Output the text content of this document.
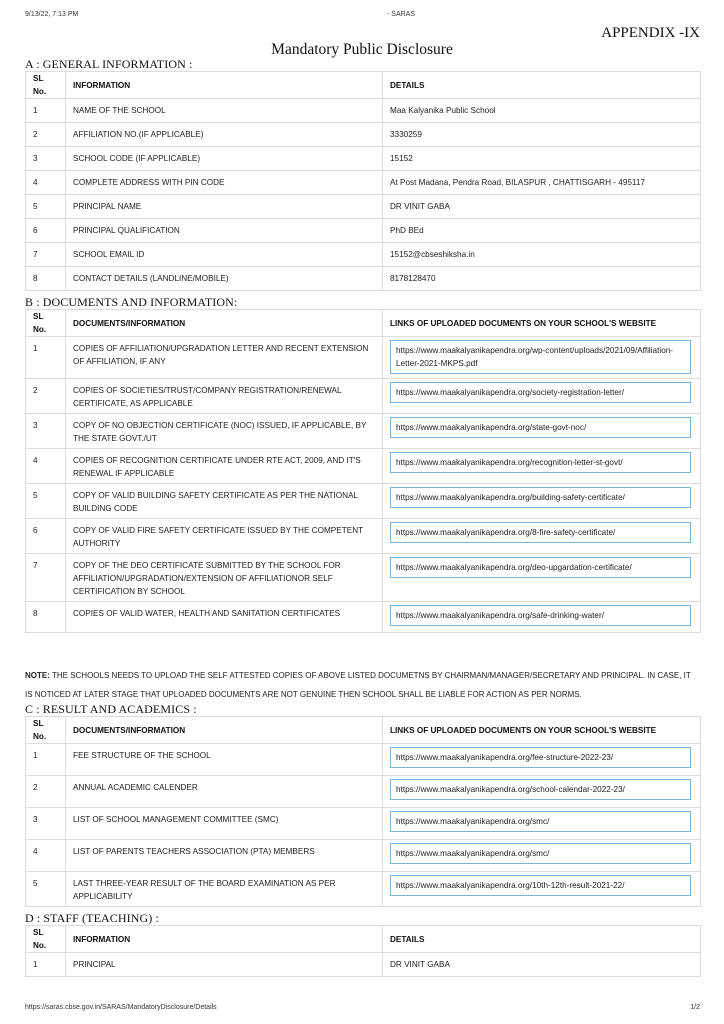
9/13/22, 7:13 PM	- SARAS
APPENDIX -IX
Mandatory Public Disclosure
A : GENERAL INFORMATION :
SL No.	INFORMATION	DETAILS
1	NAME OF THE SCHOOL	Maa Kalyanika Public School
2	AFFILIATION NO.(IF APPLICABLE)	3330259
3	SCHOOL CODE (IF APPLICABLE)	15152
4	COMPLETE ADDRESS WITH PIN CODE	At Post Madana, Pendra Road, BILASPUR , CHATTISGARH - 495117
5	PRINCIPAL NAME	DR VINIT GABA
6	PRINCIPAL QUALIFICATION	PhD BEd
7	SCHOOL EMAIL ID	15152@cbseshiksha.in
8	CONTACT DETAILS (LANDLINE/MOBILE)	8178128470
B : DOCUMENTS AND INFORMATION:
SL No.	DOCUMENTS/INFORMATION	LINKS OF UPLOADED DOCUMENTS ON YOUR SCHOOL'S WEBSITE

1	COPIES OF AFFILIATION/UPGRADATION LETTER AND RECENT EXTENSION OF AFFILIATION, IF ANY	https://www.maakalyanikapendra.org/wp-content/uploads/2021/09/Affiliation-Letter-2021-MKPS.pdf

2	COPIES OF SOCIETIES/TRUST/COMPANY REGISTRATION/RENEWAL CERTIFICATE, AS APPLICABLE	https://www.maakalyanikapendra.org/society-registration-letter/

3	COPY OF NO OBJECTION CERTIFICATE (NOC) ISSUED, IF APPLICABLE, BY THE STATE GOVT./UT	https://www.maakalyanikapendra.org/state-govt-noc/

4	COPIES OF RECOGNITION CERTIFICATE UNDER RTE ACT, 2009, AND IT'S RENEWAL IF APPLICABLE	https://www.maakalyanikapendra.org/recognition-letter-st-govt/

5	COPY OF VALID BUILDING SAFETY CERTIFICATE AS PER THE NATIONAL BUILDING CODE	https://www.maakalyanikapendra.org/building-safety-certificate/

6	COPY OF VALID FIRE SAFETY CERTIFICATE ISSUED BY THE COMPETENT AUTHORITY	https://www.maakalyanikapendra.org/8-fire-safety-certificate/

7	COPY OF THE DEO CERTIFICATE SUBMITTED BY THE SCHOOL FOR AFFILIATION/UPGRADATION/EXTENSION OF AFFILIATIONOR SELF CERTIFICATION BY SCHOOL	https://www.maakalyanikapendra.org/deo-upgardation-certificate/

8	COPIES OF VALID WATER, HEALTH AND SANITATION CERTIFICATES	https://www.maakalyanikapendra.org/safe-drinking-water/
NOTE: THE SCHOOLS NEEDS TO UPLOAD THE SELF ATTESTED COPIES OF ABOVE LISTED DOCUMETNS BY CHAIRMAN/MANAGER/SECRETARY AND PRINCIPAL. IN CASE, IT IS NOTICED AT LATER STAGE THAT UPLOADED DOCUMENTS ARE NOT GENUINE THEN SCHOOL SHALL BE LIABLE FOR ACTION AS PER NORMS.
C : RESULT AND ACADEMICS :
SL No.	DOCUMENTS/INFORMATION	LINKS OF UPLOADED DOCUMENTS ON YOUR SCHOOL'S WEBSITE

1	FEE STRUCTURE OF THE SCHOOL	https://www.maakalyanikapendra.org/fee-structure-2022-23/

2	ANNUAL ACADEMIC CALENDER	https://www.maakalyanikapendra.org/school-calendar-2022-23/

3	LIST OF SCHOOL MANAGEMENT COMMITTEE (SMC)	https://www.maakalyanikapendra.org/smc/

4	LIST OF PARENTS TEACHERS ASSOCIATION (PTA) MEMBERS	https://www.maakalyanikapendra.org/smc/

5	LAST THREE-YEAR RESULT OF THE BOARD EXAMINATION AS PER APPLICABILITY	https://www.maakalyanikapendra.org/10th-12th-result-2021-22/
D : STAFF (TEACHING) :
SL No.	INFORMATION	DETAILS
1	PRINCIPAL	DR VINIT GABA
https://saras.cbse.gov.in/SARAS/MandatoryDisclosure/Details	1/2
